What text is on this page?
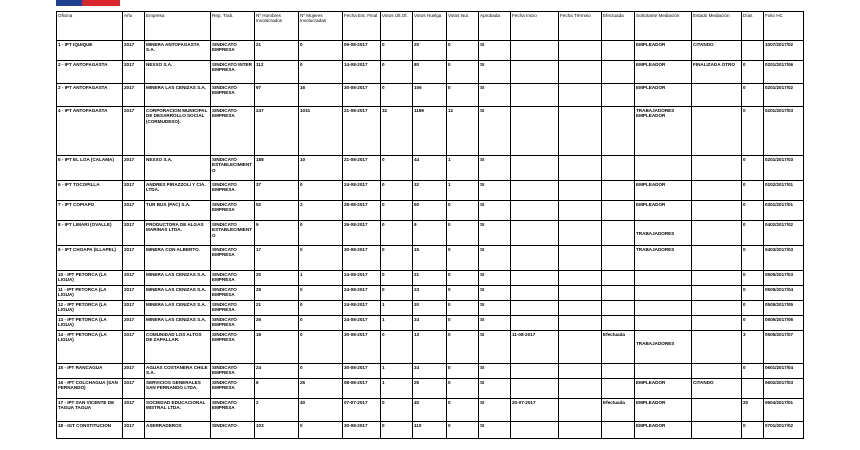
Oficina	Año	Empresa	Rep. Trab.	Nº Hombres Involucrados	Nº Mujeres Involucradas	Fecha Est. Final	Votos Últ.Of.	Votos Huelga	Votos Nul.	Aprobada	Fecha Inicio	Fecha Término	Efectuada	Solicitante Mediación	Estado Mediación	Días	Folio HC
1 - IPT IQUIQUE	2017	MINERA ANTOFAGASTA S.A.	SINDICATO EMPRESA	21	0	09-08-2017	0	20	0	SI				EMPLEADOR	CITANDO		1007/2017/02
2 - IPT ANTOFAGASTA	2017	NEXXO S.A.	SINDICATO INTER EMPRESA	112	0	14-08-2017	0	80	0	SI				EMPLEADOR	FINALIZADA OTRO	0	0201/2017/06
2 - IPT ANTOFAGASTA	2017	MINERA LAS CENIZAS S.A.	SINDICATO EMPRESA	97	16	30-08-2017	0	106	0	SI				EMPLEADOR		0	0201/2017/02
4 - IPT ANTOFAGASTA	2017	CORPORACION MUNICIPAL DE DESARROLLO SOCIAL (CORMUDESO).	SINDICATO EMPRESA	247	1031	21-08-2017	32	1189	12	SI				TRABAJADORES EMPLEADOR		0	0201/2017/03
5 - IPT EL LOA (CALAMA)	2017	NEXXO S.A.	SINDICATO ESTABLECIMIENTO	188	10	21-08-2017	0	44	1	SI						0	0201/2017/03
6 - IPT TOCOPILLA	2017	ANDRES PIRAZZOLI Y CIA. LTDA.	SINDICATO EMPRESA	37	0	24-08-2017	0	32	1	SI				EMPLEADOR		0	0202/2017/01
7 - IPT COPIAPO	2017	TUR BUS (PAC) S.A.	SINDICATO EMPRESA	52	2	28-08-2017	0	50	0	SI				EMPLEADOR		0	0301/2017/01
8 - IPT LIMARI (OVALLE)	2017	PRODUCTORA DE ALGAS MARINAS LTDA.	SINDICATO ESTABLECIMIENTO	9	0	26-08-2017	0	9	0	SI				TRABAJADORES		0	0402/2017/02
9 - IPT CHOAPA (ILLAPEL)	2017	MINERA CON ALBERTO.	SINDICATO EMPRESA	17	0	30-08-2017	0	15	0	SI				TRABAJADORES		0	0403/2017/03
10 - IPT PETORCA (LA LIGUA)	2017	MINERA LAS CENIZAS S.A.	SINDICATO EMPRESA	20	1	24-08-2017	0	21	0	SI						0	0505/2017/03
11 - IPT PETORCA (LA LIGUA)	2017	MINERA LAS CENIZAS S.A.	SINDICATO EMPRESA	25	0	24-08-2017	0	23	0	SI						0	0505/2017/04
12 - IPT PETORCA (LA LIGUA)	2017	MINERA LAS CENIZAS S.A.	SINDICATO EMPRESA	21	0	24-08-2017	1	20	0	SI						0	0505/2017/05
13 - IPT PETORCA (LA LIGUA)	2017	MINERA LAS CENIZAS S.A.	SINDICATO EMPRESA	26	0	24-08-2017	1	24	0	SI						0	0505/2017/06
14 - IPT PETORCA (LA LIGUA)	2017	COMUNIDAD LOS ALTOS DE ZAPALLAR.	SINDICATO EMPRESA	18	0	30-08-2017	0	13	0	SI	11-08-2017		Efectuada	TRABAJADORES		3	0505/2017/07
15 - IPT RANCAGUA	2017	AGUAS COSTANERA CHILE S.A.	SINDICATO EMPRESA	24	0	30-08-2017	1	24	0	SI						0	0601/2017/04
16 - IPT COLCHAGUA (SAN FERNANDO)	2017	SERVICIOS GENERALES SAN FERNANDO LTDA.	SINDICATO EMPRESA	6	25	08-08-2017	1	25	0	SI				EMPLEADOR	CITANDO		0602/2017/03
17 - IPT SAN VICENTE DE TAGUA TAGUA	2017	SOCIEDAD EDUCACIONAL MISTRAL LTDA.	SINDICATO EMPRESA	2	40	07-07-2017	0	40	0	SI	20-07-2017		Efectuada	EMPLEADOR		20	0604/2017/01
18 - IGT CONSTITUCION	2017	ASERRADEROS	SINDICATO	103	0	30-08-2017	0	110	0	SI				EMPLEADOR		0	0701/2017/02
